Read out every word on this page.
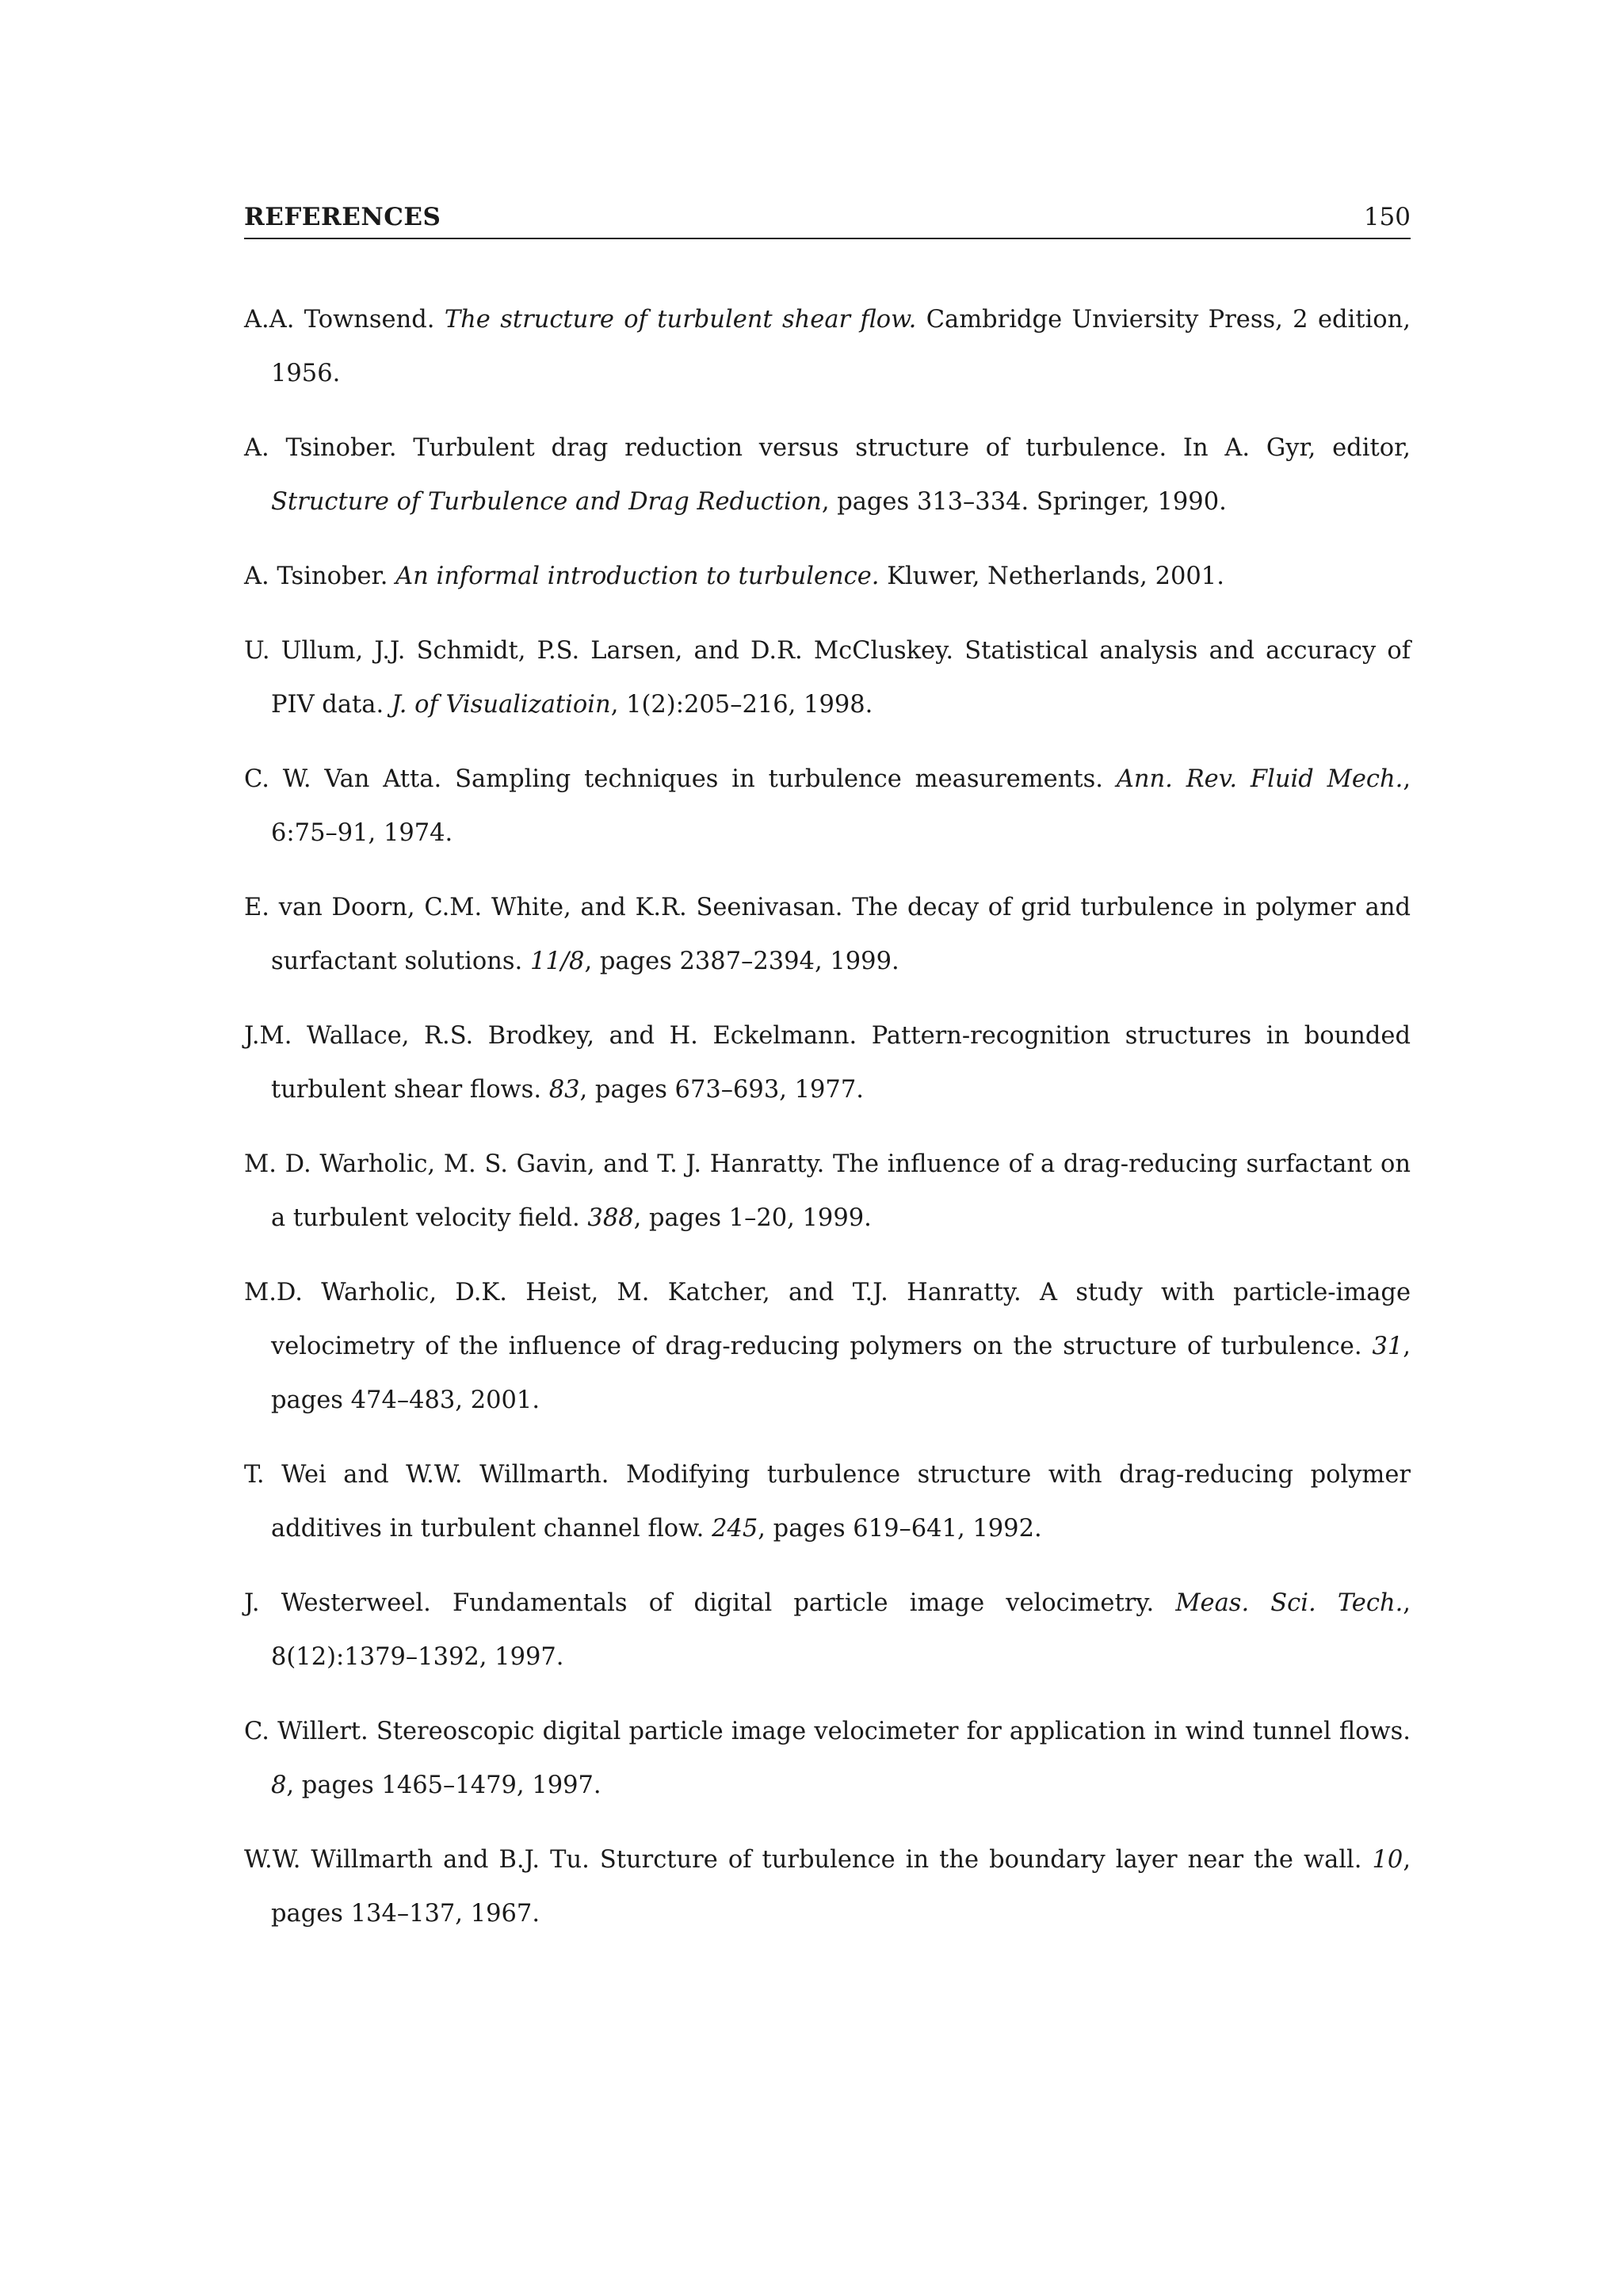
REFERENCES	150
A.A. Townsend. The structure of turbulent shear flow. Cambridge Unviersity Press, 2 edition, 1956.
A. Tsinober. Turbulent drag reduction versus structure of turbulence. In A. Gyr, editor, Structure of Turbulence and Drag Reduction, pages 313–334. Springer, 1990.
A. Tsinober. An informal introduction to turbulence. Kluwer, Netherlands, 2001.
U. Ullum, J.J. Schmidt, P.S. Larsen, and D.R. McCluskey. Statistical analysis and accuracy of PIV data. J. of Visualizatioin, 1(2):205–216, 1998.
C. W. Van Atta. Sampling techniques in turbulence measurements. Ann. Rev. Fluid Mech., 6:75–91, 1974.
E. van Doorn, C.M. White, and K.R. Seenivasan. The decay of grid turbulence in polymer and surfactant solutions. 11/8, pages 2387–2394, 1999.
J.M. Wallace, R.S. Brodkey, and H. Eckelmann. Pattern-recognition structures in bounded turbulent shear flows. 83, pages 673–693, 1977.
M. D. Warholic, M. S. Gavin, and T. J. Hanratty. The influence of a drag-reducing surfactant on a turbulent velocity field. 388, pages 1–20, 1999.
M.D. Warholic, D.K. Heist, M. Katcher, and T.J. Hanratty. A study with particle-image velocimetry of the influence of drag-reducing polymers on the structure of turbulence. 31, pages 474–483, 2001.
T. Wei and W.W. Willmarth. Modifying turbulence structure with drag-reducing polymer additives in turbulent channel flow. 245, pages 619–641, 1992.
J. Westerweel. Fundamentals of digital particle image velocimetry. Meas. Sci. Tech., 8(12):1379–1392, 1997.
C. Willert. Stereoscopic digital particle image velocimeter for application in wind tunnel flows. 8, pages 1465–1479, 1997.
W.W. Willmarth and B.J. Tu. Sturcture of turbulence in the boundary layer near the wall. 10, pages 134–137, 1967.
